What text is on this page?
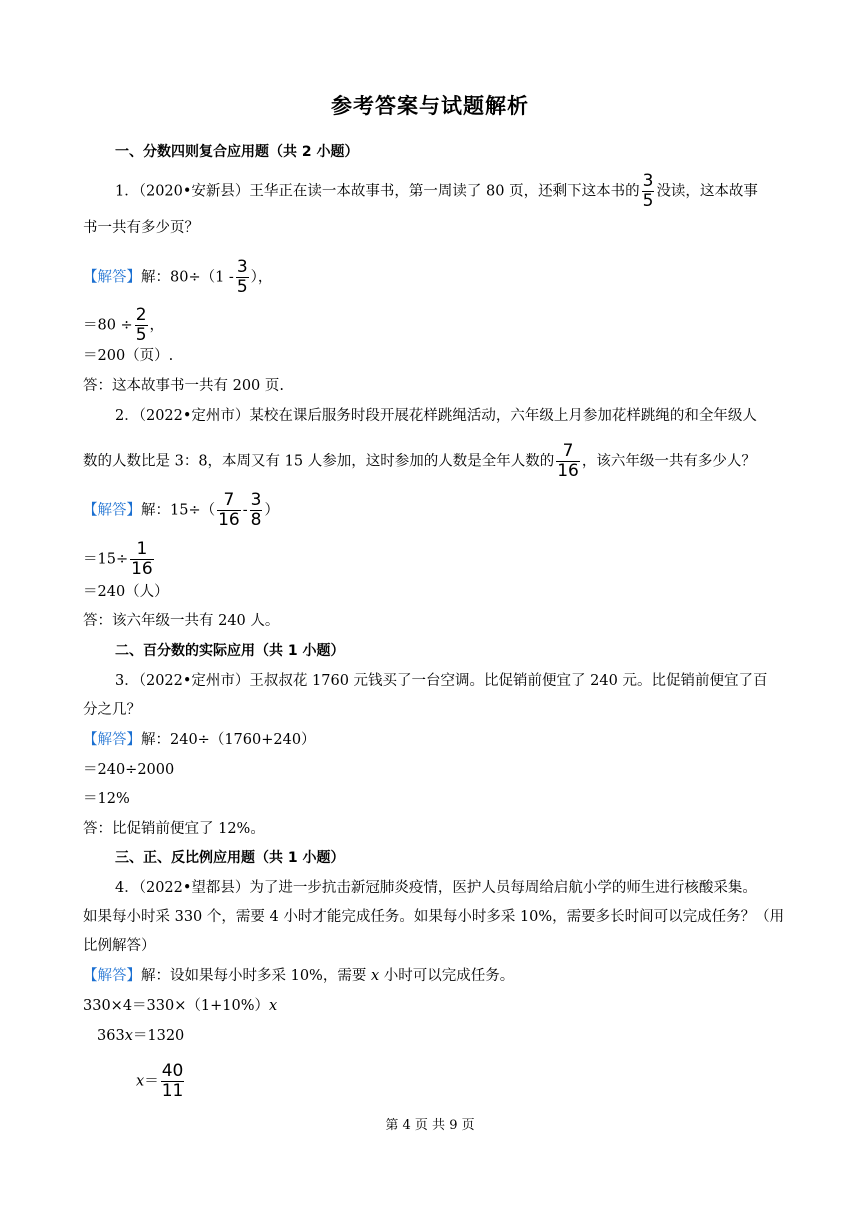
参考答案与试题解析
一、分数四则复合应用题（共 2 小题）
1．（2020•安新县）王华正在读一本故事书，第一周读了 80 页，还剩下这本书的 $\frac{3}{5}$ 没读，这本故事
书一共有多少页？
【解答】解：$80\div(1 - \frac{3}{5}$ ），
$=80 \div \frac{2}{5}$ ，
＝200（页）.
答：这本故事书一共有 200 页.
2．（2022•定州市）某校在课后服务时段开展花样跳绳活动，六年级上月参加花样跳绳的和全年级人
数的人数比是 3：8，本周又有 15 人参加，这时参加的人数是全年人数的 $\frac{7}{16}$ ，该六年级一共有多少人？
【解答】解：$15\div( \frac{7}{16} - \frac{3}{8}$ ）
$=15\div \frac{1}{16}$
＝240（人）
答：该六年级一共有 240 人。
二、百分数的实际应用（共 1 小题）
3．（2022•定州市）王叔叔花 1760 元钱买了一台空调。比促销前便宜了 240 元。比促销前便宜了百
分之几？
【解答】解：240÷（1760+240）
＝240÷2000
＝12%
答：比促销前便宜了 12%。
三、正、反比例应用题（共 1 小题）
4．（2022•望都县）为了进一步抗击新冠肺炎疫情，医护人员每周给启航小学的师生进行核酸采集。
如果每小时采 330 个，需要 4 小时才能完成任务。如果每小时多采 10%，需要多长时间可以完成任务？（用
比例解答）
【解答】解：设如果每小时多采 10%，需要 x 小时可以完成任务。
330×4＝330×（1+10%）x
363x＝1320
$x= \frac{40}{11}$
第 4 页 共 9 页
